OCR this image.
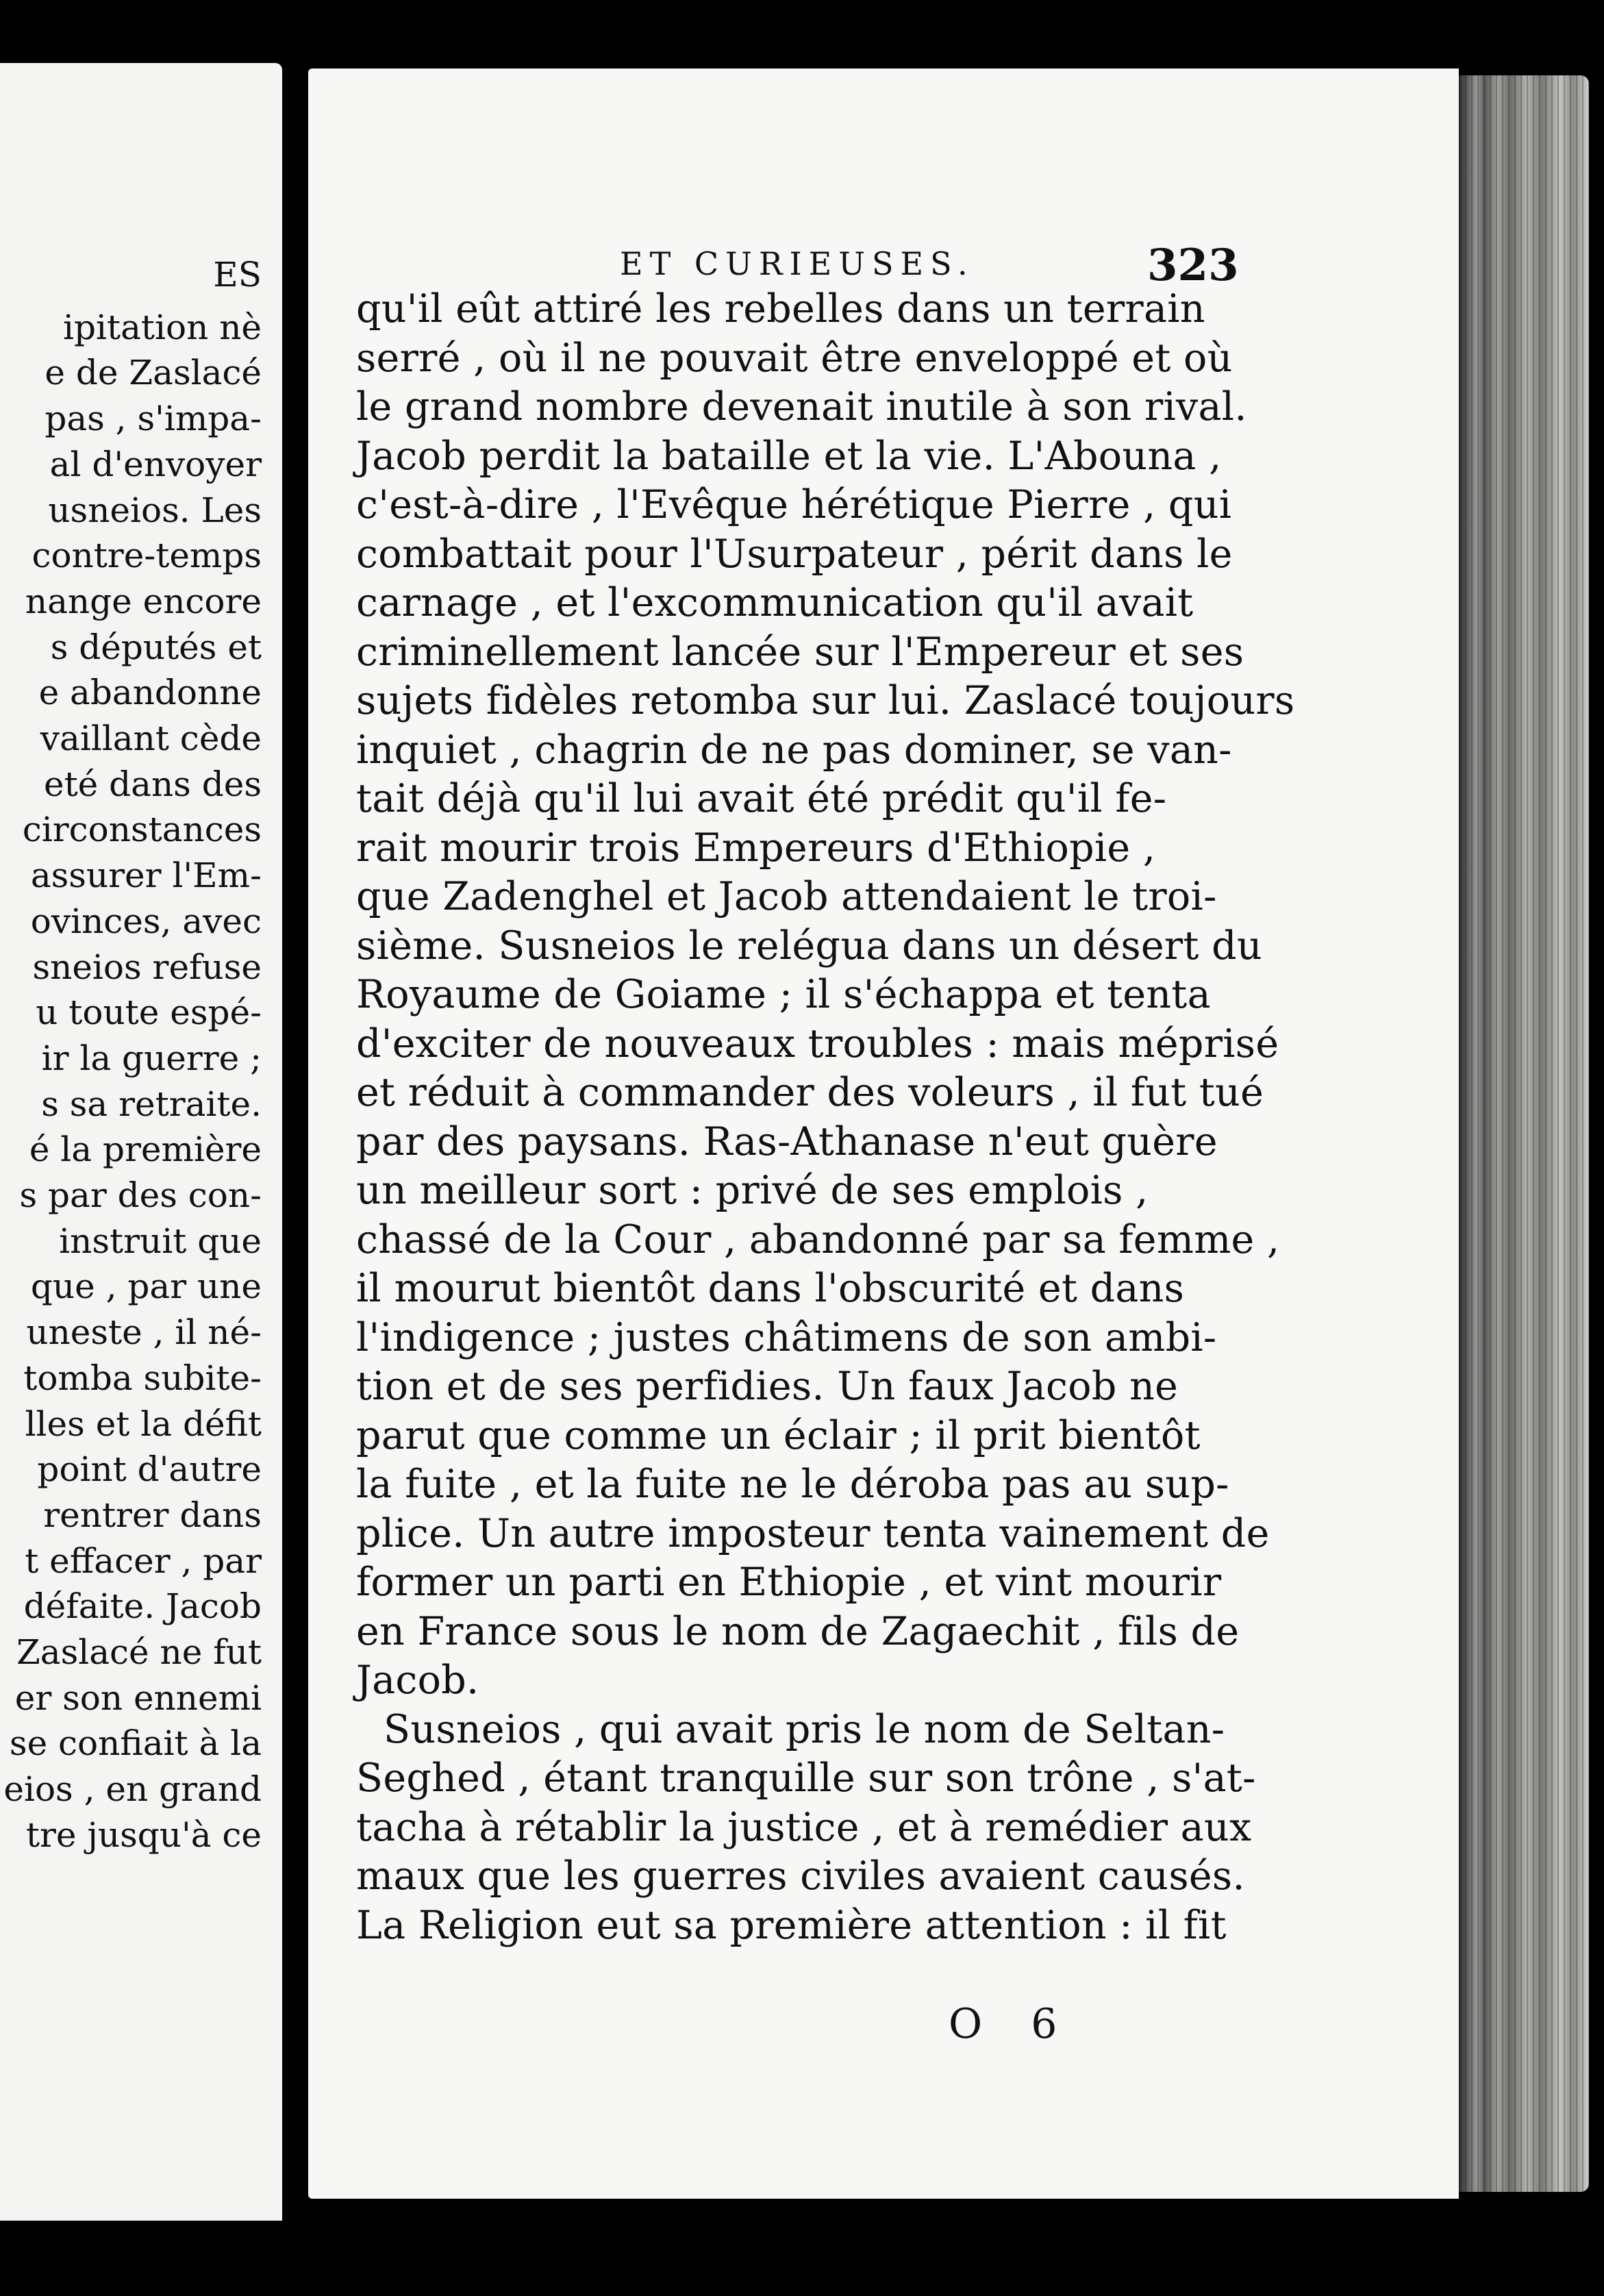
ES
ipitation nè
e de Zaslacé
pas , s'impa-
al d'envoyer
usneios. Les
contre-temps
nange encore
s députés et
e abandonne
vaillant cède
eté dans des
circonstances
assurer l'Em-
ovinces, avec
sneios refuse
u toute espé-
ir la guerre ;
s sa retraite.
é la première
s par des con-
instruit que
que , par une
uneste , il né-
tomba subite-
lles et la défit
point d'autre
rentrer dans
t effacer , par
défaite. Jacob
Zaslacé ne fut
er son ennemi
se confiait à la
eios , en grand
tre jusqu'à ce
ET CURIEUSES.	323
qu'il eût attiré les rebelles dans un terrain
serré , où il ne pouvait être enveloppé et où
le grand nombre devenait inutile à son rival.
Jacob perdit la bataille et la vie. L'Abouna ,
c'est-à-dire , l'Evêque hérétique Pierre , qui
combattait pour l'Usurpateur , périt dans le
carnage , et l'excommunication qu'il avait
criminellement lancée sur l'Empereur et ses
sujets fidèles retomba sur lui. Zaslacé toujours
inquiet , chagrin de ne pas dominer, se van-
tait déjà qu'il lui avait été prédit qu'il fe-
rait mourir trois Empereurs d'Ethiopie ,
que Zadenghel et Jacob attendaient le troi-
sième. Susneios le relégua dans un désert du
Royaume de Goiame ; il s'échappa et tenta
d'exciter de nouveaux troubles : mais méprisé
et réduit à commander des voleurs , il fut tué
par des paysans. Ras-Athanase n'eut guère
un meilleur sort : privé de ses emplois ,
chassé de la Cour , abandonné par sa femme ,
il mourut bientôt dans l'obscurité et dans
l'indigence ; justes châtimens de son ambi-
tion et de ses perfidies. Un faux Jacob ne
parut que comme un éclair ; il prit bientôt
la fuite , et la fuite ne le déroba pas au sup-
plice. Un autre imposteur tenta vainement de
former un parti en Ethiopie , et vint mourir
en France sous le nom de Zagaechit , fils de
Jacob.
Susneios , qui avait pris le nom de Seltan-
Seghed , étant tranquille sur son trône , s'at-
tacha à rétablir la justice , et à remédier aux
maux que les guerres civiles avaient causés.
La Religion eut sa première attention : il fit
O 6
